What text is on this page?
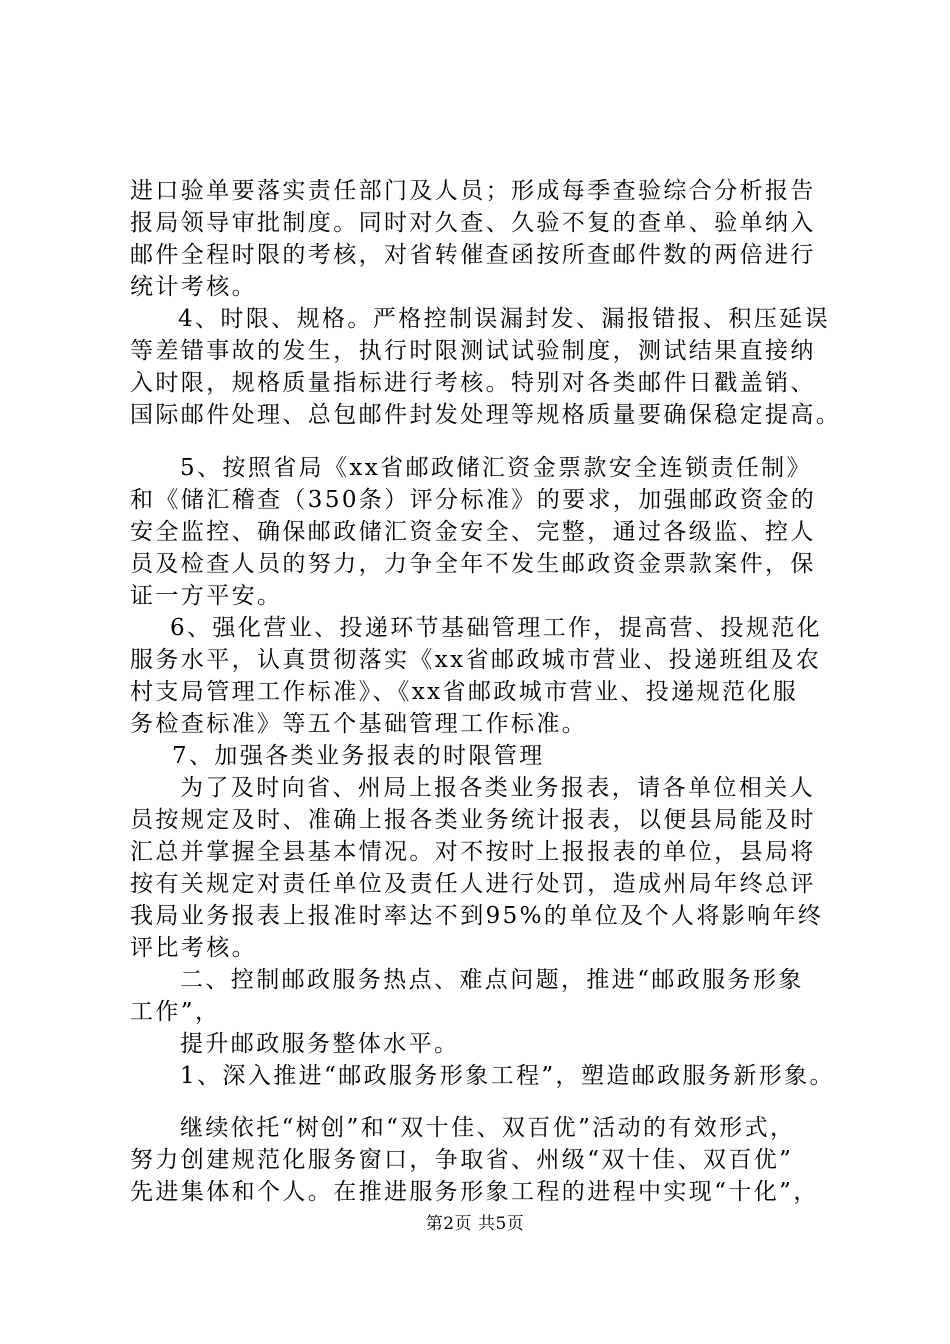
进口验单要落实责任部门及人员；形成每季查验综合分析报告
报局领导审批制度。同时对久查、久验不复的查单、验单纳入
邮件全程时限的考核，对省转催查函按所查邮件数的两倍进行
统计考核。
4、时限、规格。严格控制误漏封发、漏报错报、积压延误
等差错事故的发生，执行时限测试试验制度，测试结果直接纳
入时限，规格质量指标进行考核。特别对各类邮件日戳盖销、
国际邮件处理、总包邮件封发处理等规格质量要确保稳定提高。
5、按照省局《xx省邮政储汇资金票款安全连锁责任制》
和《储汇稽查（350条）评分标准》的要求，加强邮政资金的
安全监控、确保邮政储汇资金安全、完整，通过各级监、控人
员及检查人员的努力，力争全年不发生邮政资金票款案件，保
证一方平安。
6、强化营业、投递环节基础管理工作，提高营、投规范化
服务水平，认真贯彻落实《xx省邮政城市营业、投递班组及农
村支局管理工作标准》、《xx省邮政城市营业、投递规范化服
务检查标准》等五个基础管理工作标准。
7、加强各类业务报表的时限管理
为了及时向省、州局上报各类业务报表，请各单位相关人
员按规定及时、准确上报各类业务统计报表，以便县局能及时
汇总并掌握全县基本情况。对不按时上报报表的单位，县局将
按有关规定对责任单位及责任人进行处罚，造成州局年终总评
我局业务报表上报准时率达不到95%的单位及个人将影响年终
评比考核。
二、控制邮政服务热点、难点问题，推进“邮政服务形象
工作”，
提升邮政服务整体水平。
1、深入推进“邮政服务形象工程”，塑造邮政服务新形象。
继续依托“树创”和“双十佳、双百优”活动的有效形式，
努力创建规范化服务窗口，争取省、州级“双十佳、双百优”
先进集体和个人。在推进服务形象工程的进程中实现“十化”，
第2页 共5页
